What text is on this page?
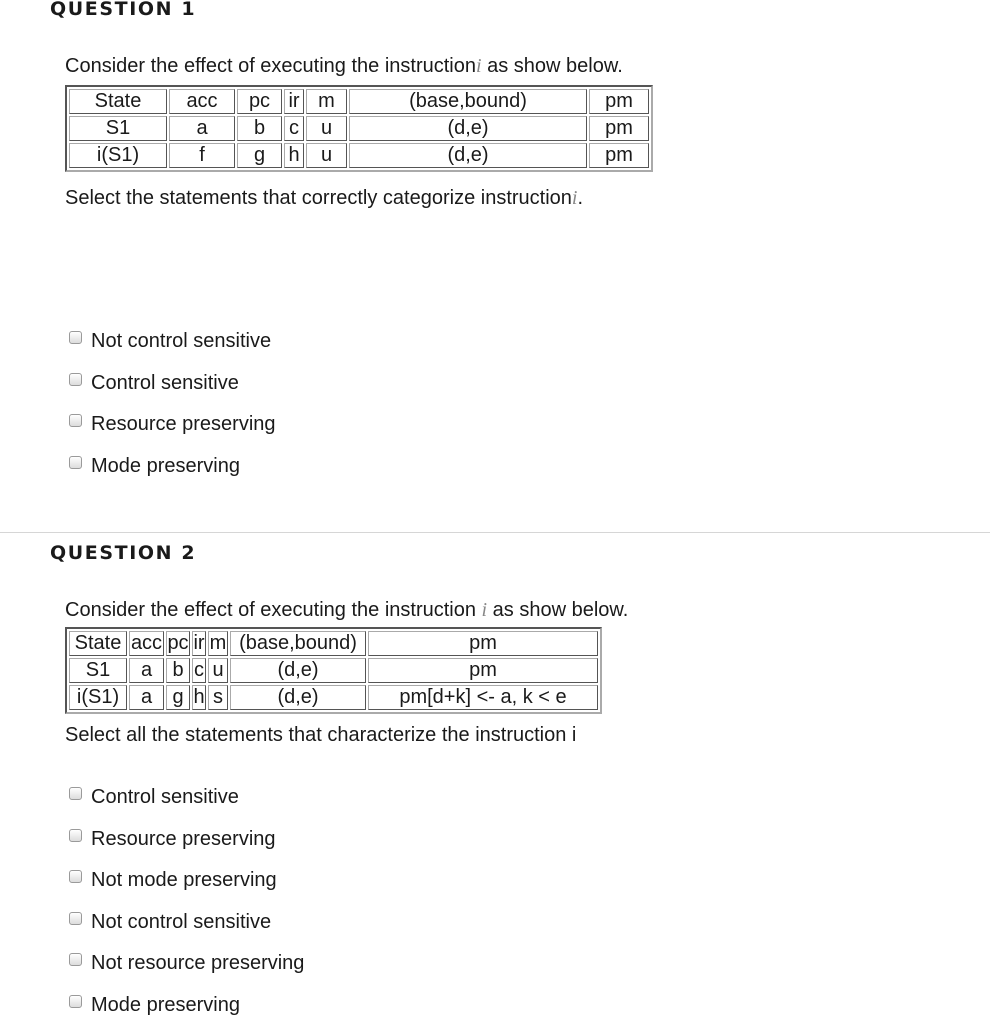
QUESTION 1
Consider the effect of executing the instructioni as show below.
State	acc	pc	ir	m	(base,bound)	pm
S1	a	b	c	u	(d,e)	pm
i(S1)	f	g	h	u	(d,e)	pm
Select the statements that correctly categorize instructioni.
Not control sensitive
Control sensitive
Resource preserving
Mode preserving
QUESTION 2
Consider the effect of executing the instruction i as show below.
State	acc	pc	ir	m	(base,bound)	pm
S1	a	b	c	u	(d,e)	pm
i(S1)	a	g	h	s	(d,e)	pm[d+k] <- a, k < e
Select all the statements that characterize the instruction i
Control sensitive
Resource preserving
Not mode preserving
Not control sensitive
Not resource preserving
Mode preserving
